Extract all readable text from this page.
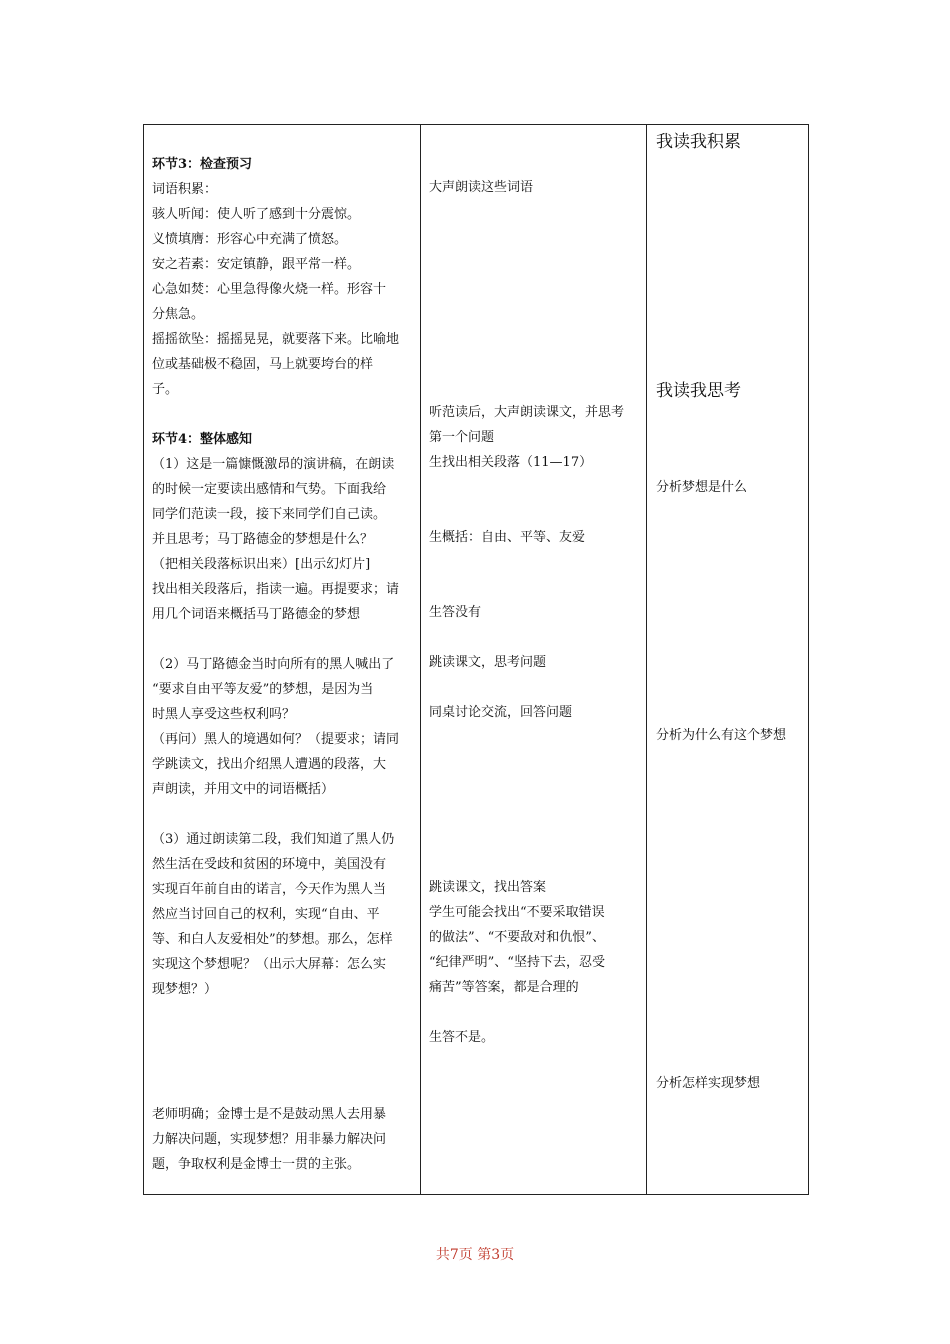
环节3：检查预习
词语积累：
骇人听闻：使人听了感到十分震惊。
义愤填膺：形容心中充满了愤怒。
安之若素：安定镇静，跟平常一样。
心急如焚：心里急得像火烧一样。形容十
分焦急。
摇摇欲坠：摇摇晃晃，就要落下来。比喻地
位或基础极不稳固，马上就要垮台的样
子。
环节4：整体感知
（1）这是一篇慷慨激昂的演讲稿，在朗读
的时候一定要读出感情和气势。下面我给
同学们范读一段，接下来同学们自己读。
并且思考；马丁路德金的梦想是什么？
（把相关段落标识出来）[出示幻灯片]
找出相关段落后，指读一遍。再提要求；请
用几个词语来概括马丁路德金的梦想
（2）马丁路德金当时向所有的黑人喊出了
“要求自由平等友爱”的梦想，是因为当
时黑人享受这些权利吗？
（再问）黑人的境遇如何？（提要求；请同
学跳读文，找出介绍黑人遭遇的段落，大
声朗读，并用文中的词语概括）
（3）通过朗读第二段，我们知道了黑人仍
然生活在受歧和贫困的环境中，美国没有
实现百年前自由的诺言，今天作为黑人当
然应当讨回自己的权利，实现“自由、平
等、和白人友爱相处”的梦想。那么，怎样
实现这个梦想呢？（出示大屏幕：怎么实
现梦想？）
老师明确；金博士是不是鼓动黑人去用暴
力解决问题，实现梦想？用非暴力解决问
题，争取权利是金博士一贯的主张。
大声朗读这些词语
听范读后，大声朗读课文，并思考
第一个问题
生找出相关段落（11—17）
生概括：自由、平等、友爱
生答没有
跳读课文，思考问题
同桌讨论交流，回答问题
跳读课文，找出答案
学生可能会找出“不要采取错误
的做法”、“不要敌对和仇恨”、
“纪律严明”、“坚持下去，忍受
痛苦”等答案，都是合理的
生答不是。
我读我积累
我读我思考
分析梦想是什么
分析为什么有这个梦想
分析怎样实现梦想
共7页 第3页
